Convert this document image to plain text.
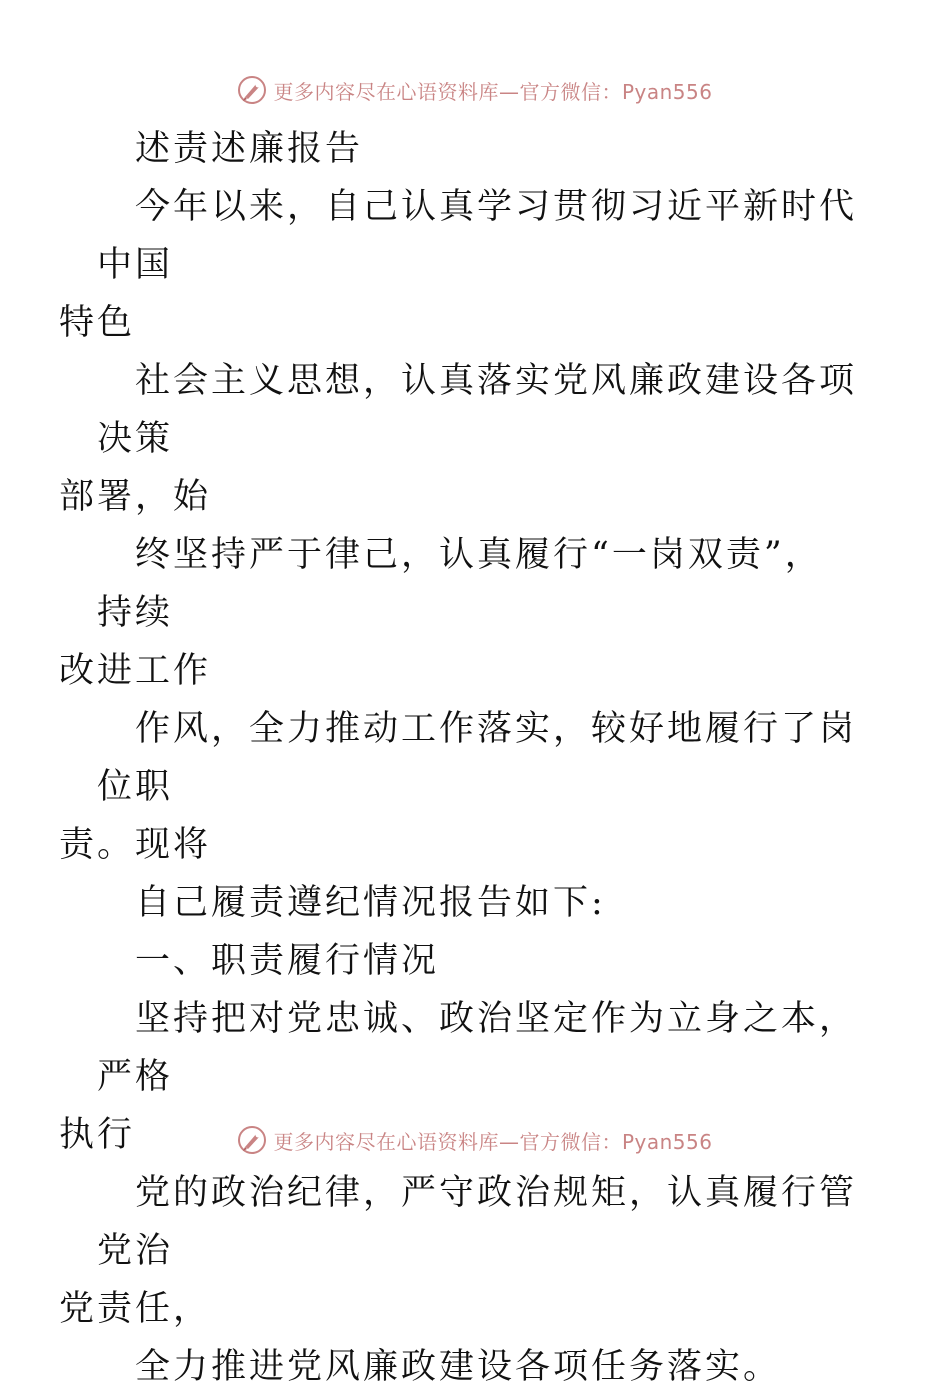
更多内容尽在心语资料库—官方微信：Pyan556

述责述廉报告

今年以来，自己认真学习贯彻习近平新时代中国
特色

社会主义思想，认真落实党风廉政建设各项决策
部署，始

终坚持严于律己，认真履行“一岗双责”，持续
改进工作

作风，全力推动工作落实，较好地履行了岗位职
责。现将

自己履责遵纪情况报告如下:

一、职责履行情况

坚持把对党忠诚、政治坚定作为立身之本，严格
执行

党的政治纪律，严守政治规矩，认真履行管党治
党责任，

全力推进党风廉政建设各项任务落实。

更多内容尽在心语资料库—官方微信：Pyan556
